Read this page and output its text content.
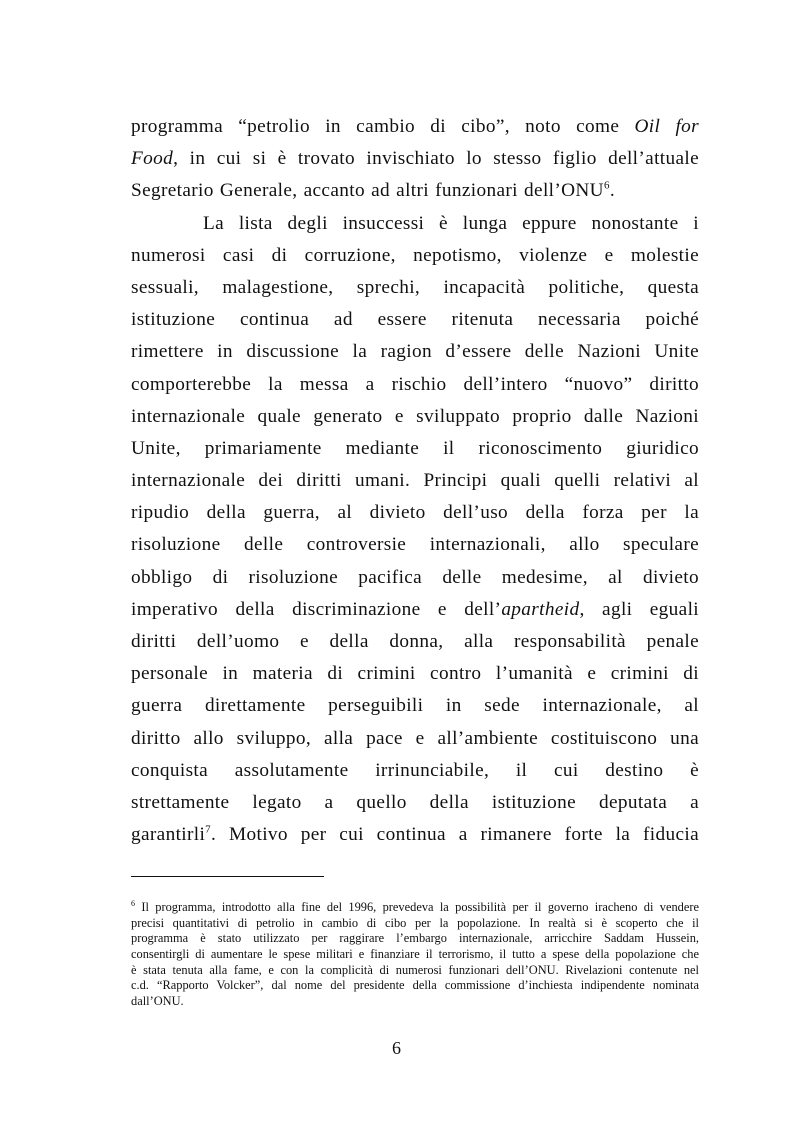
programma “petrolio in cambio di cibo”, noto come Oil for
Food, in cui si è trovato invischiato lo stesso figlio dell’attuale
Segretario Generale, accanto ad altri funzionari dell’ONU$^6$.
La lista degli insuccessi è lunga eppure nonostante i
numerosi casi di corruzione, nepotismo, violenze e molestie
sessuali, malagestione, sprechi, incapacità politiche, questa
istituzione continua ad essere ritenuta necessaria poiché
rimettere in discussione la ragion d’essere delle Nazioni Unite
comporterebbe la messa a rischio dell’intero “nuovo” diritto
internazionale quale generato e sviluppato proprio dalle Nazioni
Unite, primariamente mediante il riconoscimento giuridico
internazionale dei diritti umani. Principi quali quelli relativi al
ripudio della guerra, al divieto dell’uso della forza per la
risoluzione delle controversie internazionali, allo speculare
obbligo di risoluzione pacifica delle medesime, al divieto
imperativo della discriminazione e dell’apartheid, agli eguali
diritti dell’uomo e della donna, alla responsabilità penale
personale in materia di crimini contro l’umanità e crimini di
guerra direttamente perseguibili in sede internazionale, al
diritto allo sviluppo, alla pace e all’ambiente costituiscono una
conquista assolutamente irrinunciabile, il cui destino è
strettamente legato a quello della istituzione deputata a
garantirli$^7$. Motivo per cui continua a rimanere forte la fiducia
$^6$ Il programma, introdotto alla fine del 1996, prevedeva la possibilità per il governo iracheno di vendere
precisi quantitativi di petrolio in cambio di cibo per la popolazione. In realtà si è scoperto che il
programma è stato utilizzato per raggirare l’embargo internazionale, arricchire Saddam Hussein,
consentirgli di aumentare le spese militari e finanziare il terrorismo, il tutto a spese della popolazione che
è stata tenuta alla fame, e con la complicità di numerosi funzionari dell’ONU. Rivelazioni contenute nel
c.d. “Rapporto Volcker”, dal nome del presidente della commissione d’inchiesta indipendente nominata
dall’ONU.
6
